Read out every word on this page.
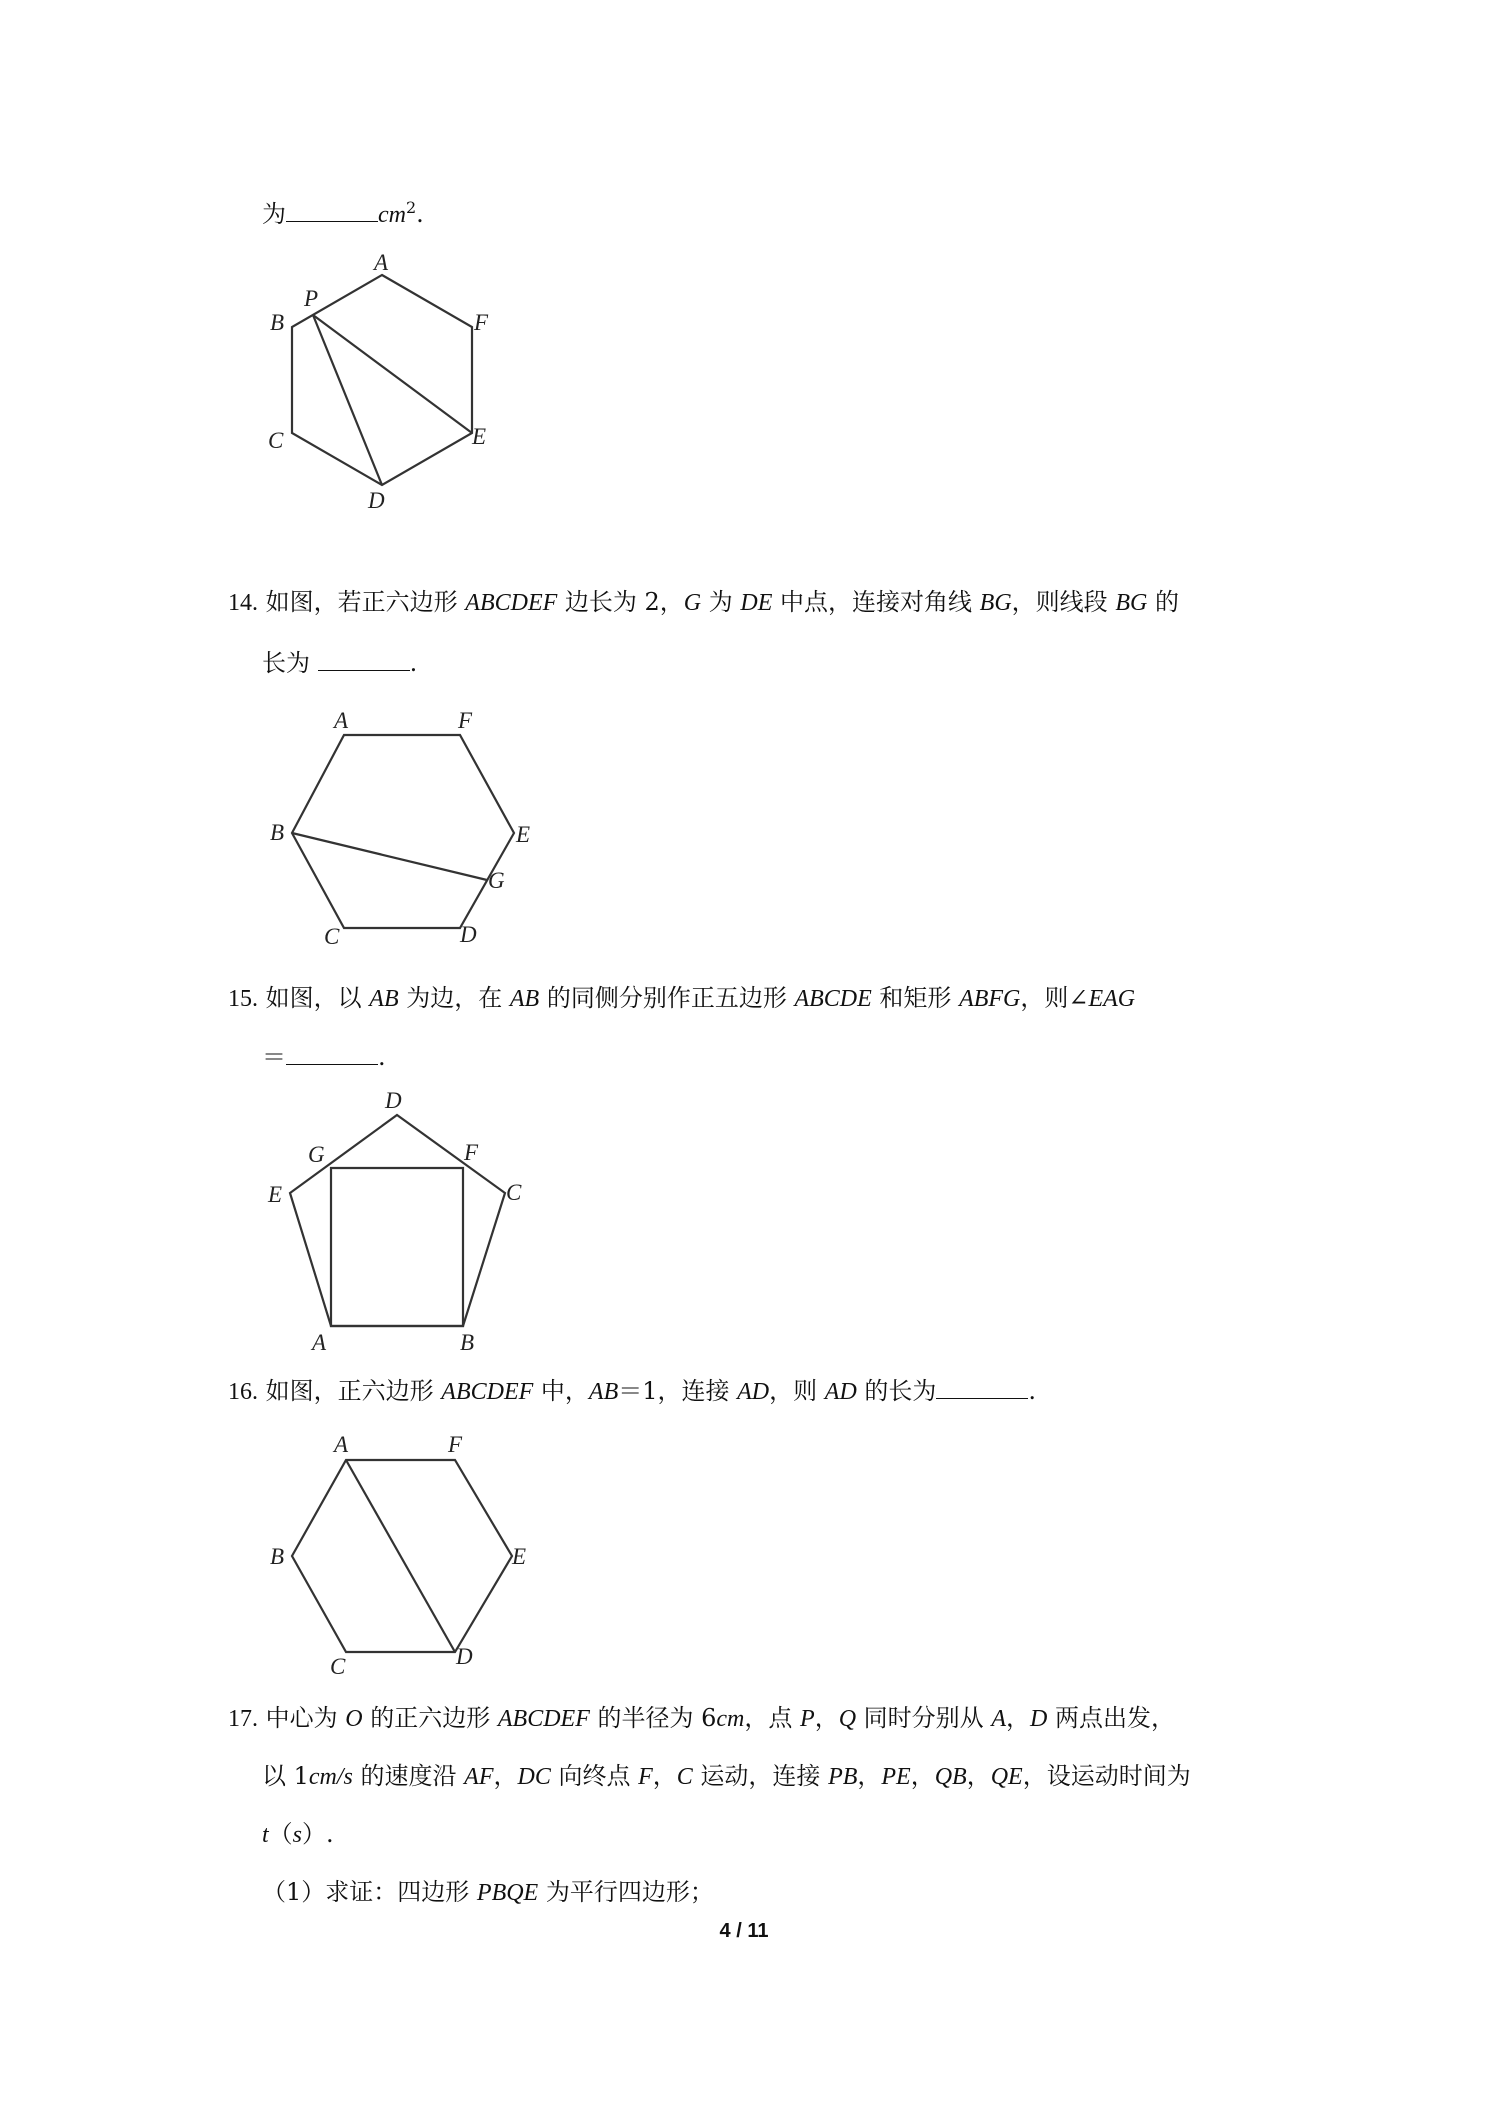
为	$cm^2$.
A
B
C
D
E
F
P
14. 如图，若正六边形 ABCDEF 边长为 2，G 为 DE 中点，连接对角线 BG，则线段 BG 的
长为	.
A	F
B	E
G
C	D
15. 如图，以 AB 为边，在 AB 的同侧分别作正五边形 ABCDE 和矩形 ABFG，则∠EAG
＝	.
D
G	F
E	C
A	B
16. 如图，正六边形 ABCDEF 中，AB＝1，连接 AD，则 AD 的长为	.
A	F
B	E
C	D
17. 中心为 O 的正六边形 ABCDEF 的半径为 6cm，点 P，Q 同时分别从 A，D 两点出发，
以 1cm/s 的速度沿 AF，DC 向终点 F，C 运动，连接 PB，PE，QB，QE，设运动时间为
t（s）.
（1）求证：四边形 PBQE 为平行四边形；
4 / 11
